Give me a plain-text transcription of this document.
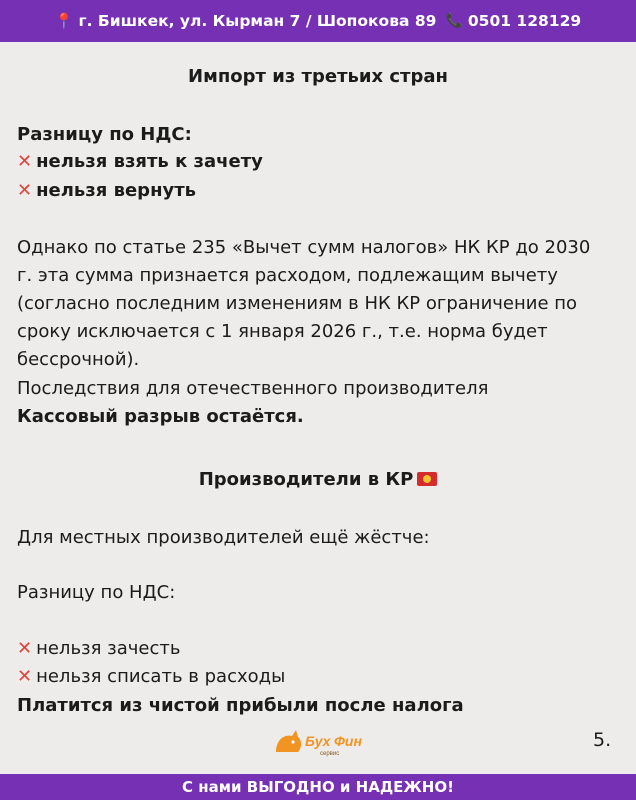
📍 г. Бишкек, ул. Кырман 7 / Шопокова 89 📞 0501 128129
Импорт из третьих стран
Разницу по НДС:
✕ нельзя взять к зачету
✕ нельзя вернуть
Однако по статье 235 «Вычет сумм налогов» НК КР до 2030
г. эта сумма признается расходом, подлежащим вычету
(согласно последним изменениям в НК КР ограничение по
сроку исключается с 1 января 2026 г., т.е. норма будет
бессрочной).
Последствия для отечественного производителя
Кассовый разрыв остаётся.
Производители в КР
Для местных производителей ещё жёстче:
Разницу по НДС:
✕ нельзя зачесть
✕ нельзя списать в расходы
Платится из чистой прибыли после налога
Бух Фин
сервис
5.
С нами ВЫГОДНО и НАДЕЖНО!
